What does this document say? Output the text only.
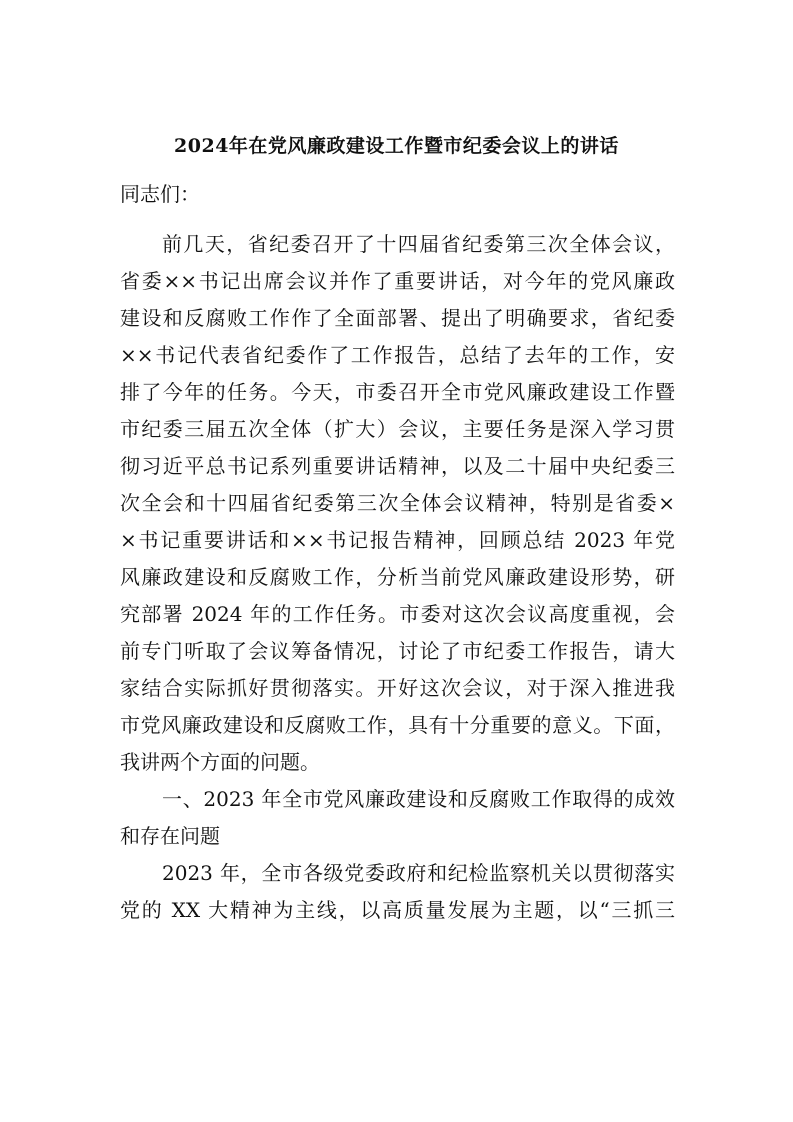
2024年在党风廉政建设工作暨市纪委会议上的讲话
同志们：
前几天，省纪委召开了十四届省纪委第三次全体会议，
省委××书记出席会议并作了重要讲话，对今年的党风廉政
建设和反腐败工作作了全面部署、提出了明确要求，省纪委
××书记代表省纪委作了工作报告，总结了去年的工作，安
排了今年的任务。今天，市委召开全市党风廉政建设工作暨
市纪委三届五次全体（扩大）会议，主要任务是深入学习贯
彻习近平总书记系列重要讲话精神，以及二十届中央纪委三
次全会和十四届省纪委第三次全体会议精神，特别是省委×
×书记重要讲话和××书记报告精神，回顾总结 2023 年党
风廉政建设和反腐败工作，分析当前党风廉政建设形势，研
究部署 2024 年的工作任务。市委对这次会议高度重视，会
前专门听取了会议筹备情况，讨论了市纪委工作报告，请大
家结合实际抓好贯彻落实。开好这次会议，对于深入推进我
市党风廉政建设和反腐败工作，具有十分重要的意义。下面，
我讲两个方面的问题。
一、2023 年全市党风廉政建设和反腐败工作取得的成效
和存在问题
2023 年，全市各级党委政府和纪检监察机关以贯彻落实
党的 XX 大精神为主线，以高质量发展为主题，以“三抓三
